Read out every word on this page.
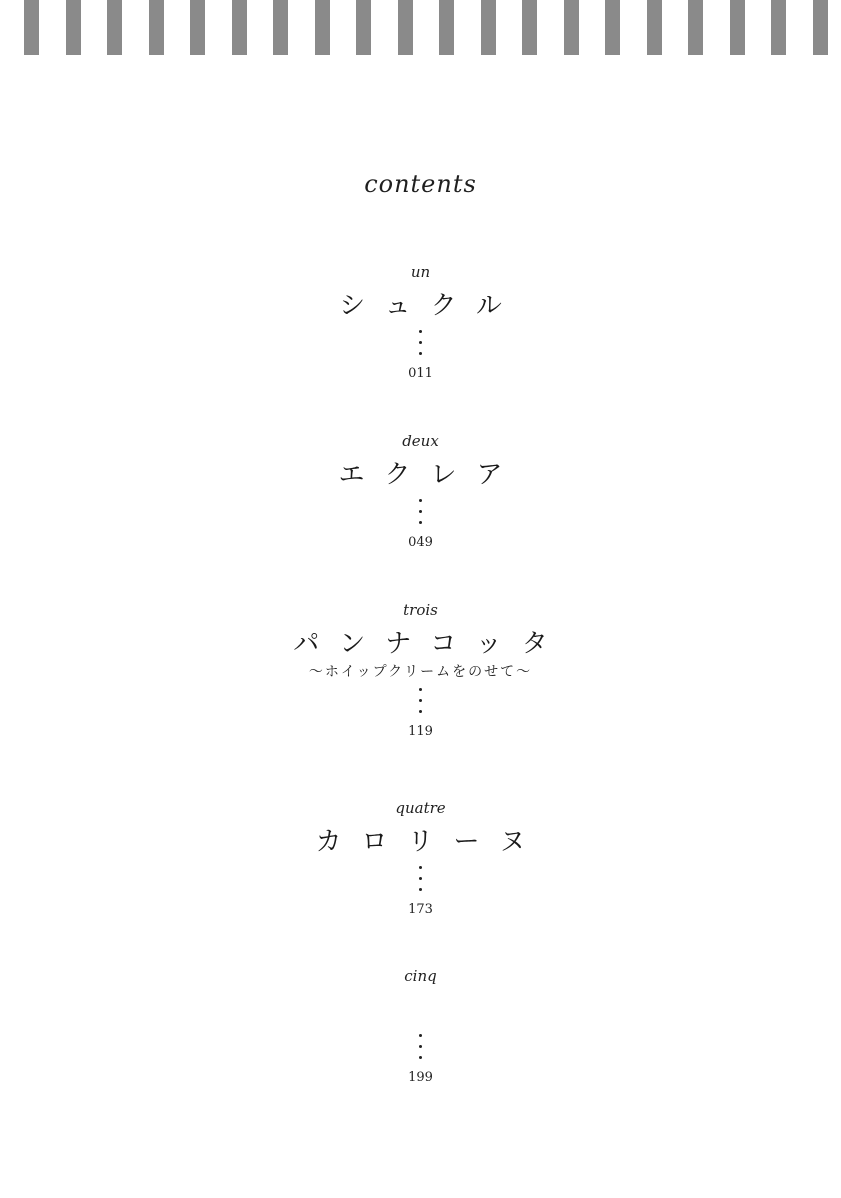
contents
un
シュクル
011
deux
エクレア
049
trois
パンナコッタ
〜ホイップクリームをのせて〜
119
quatre
カロリーヌ
173
cinq
199
